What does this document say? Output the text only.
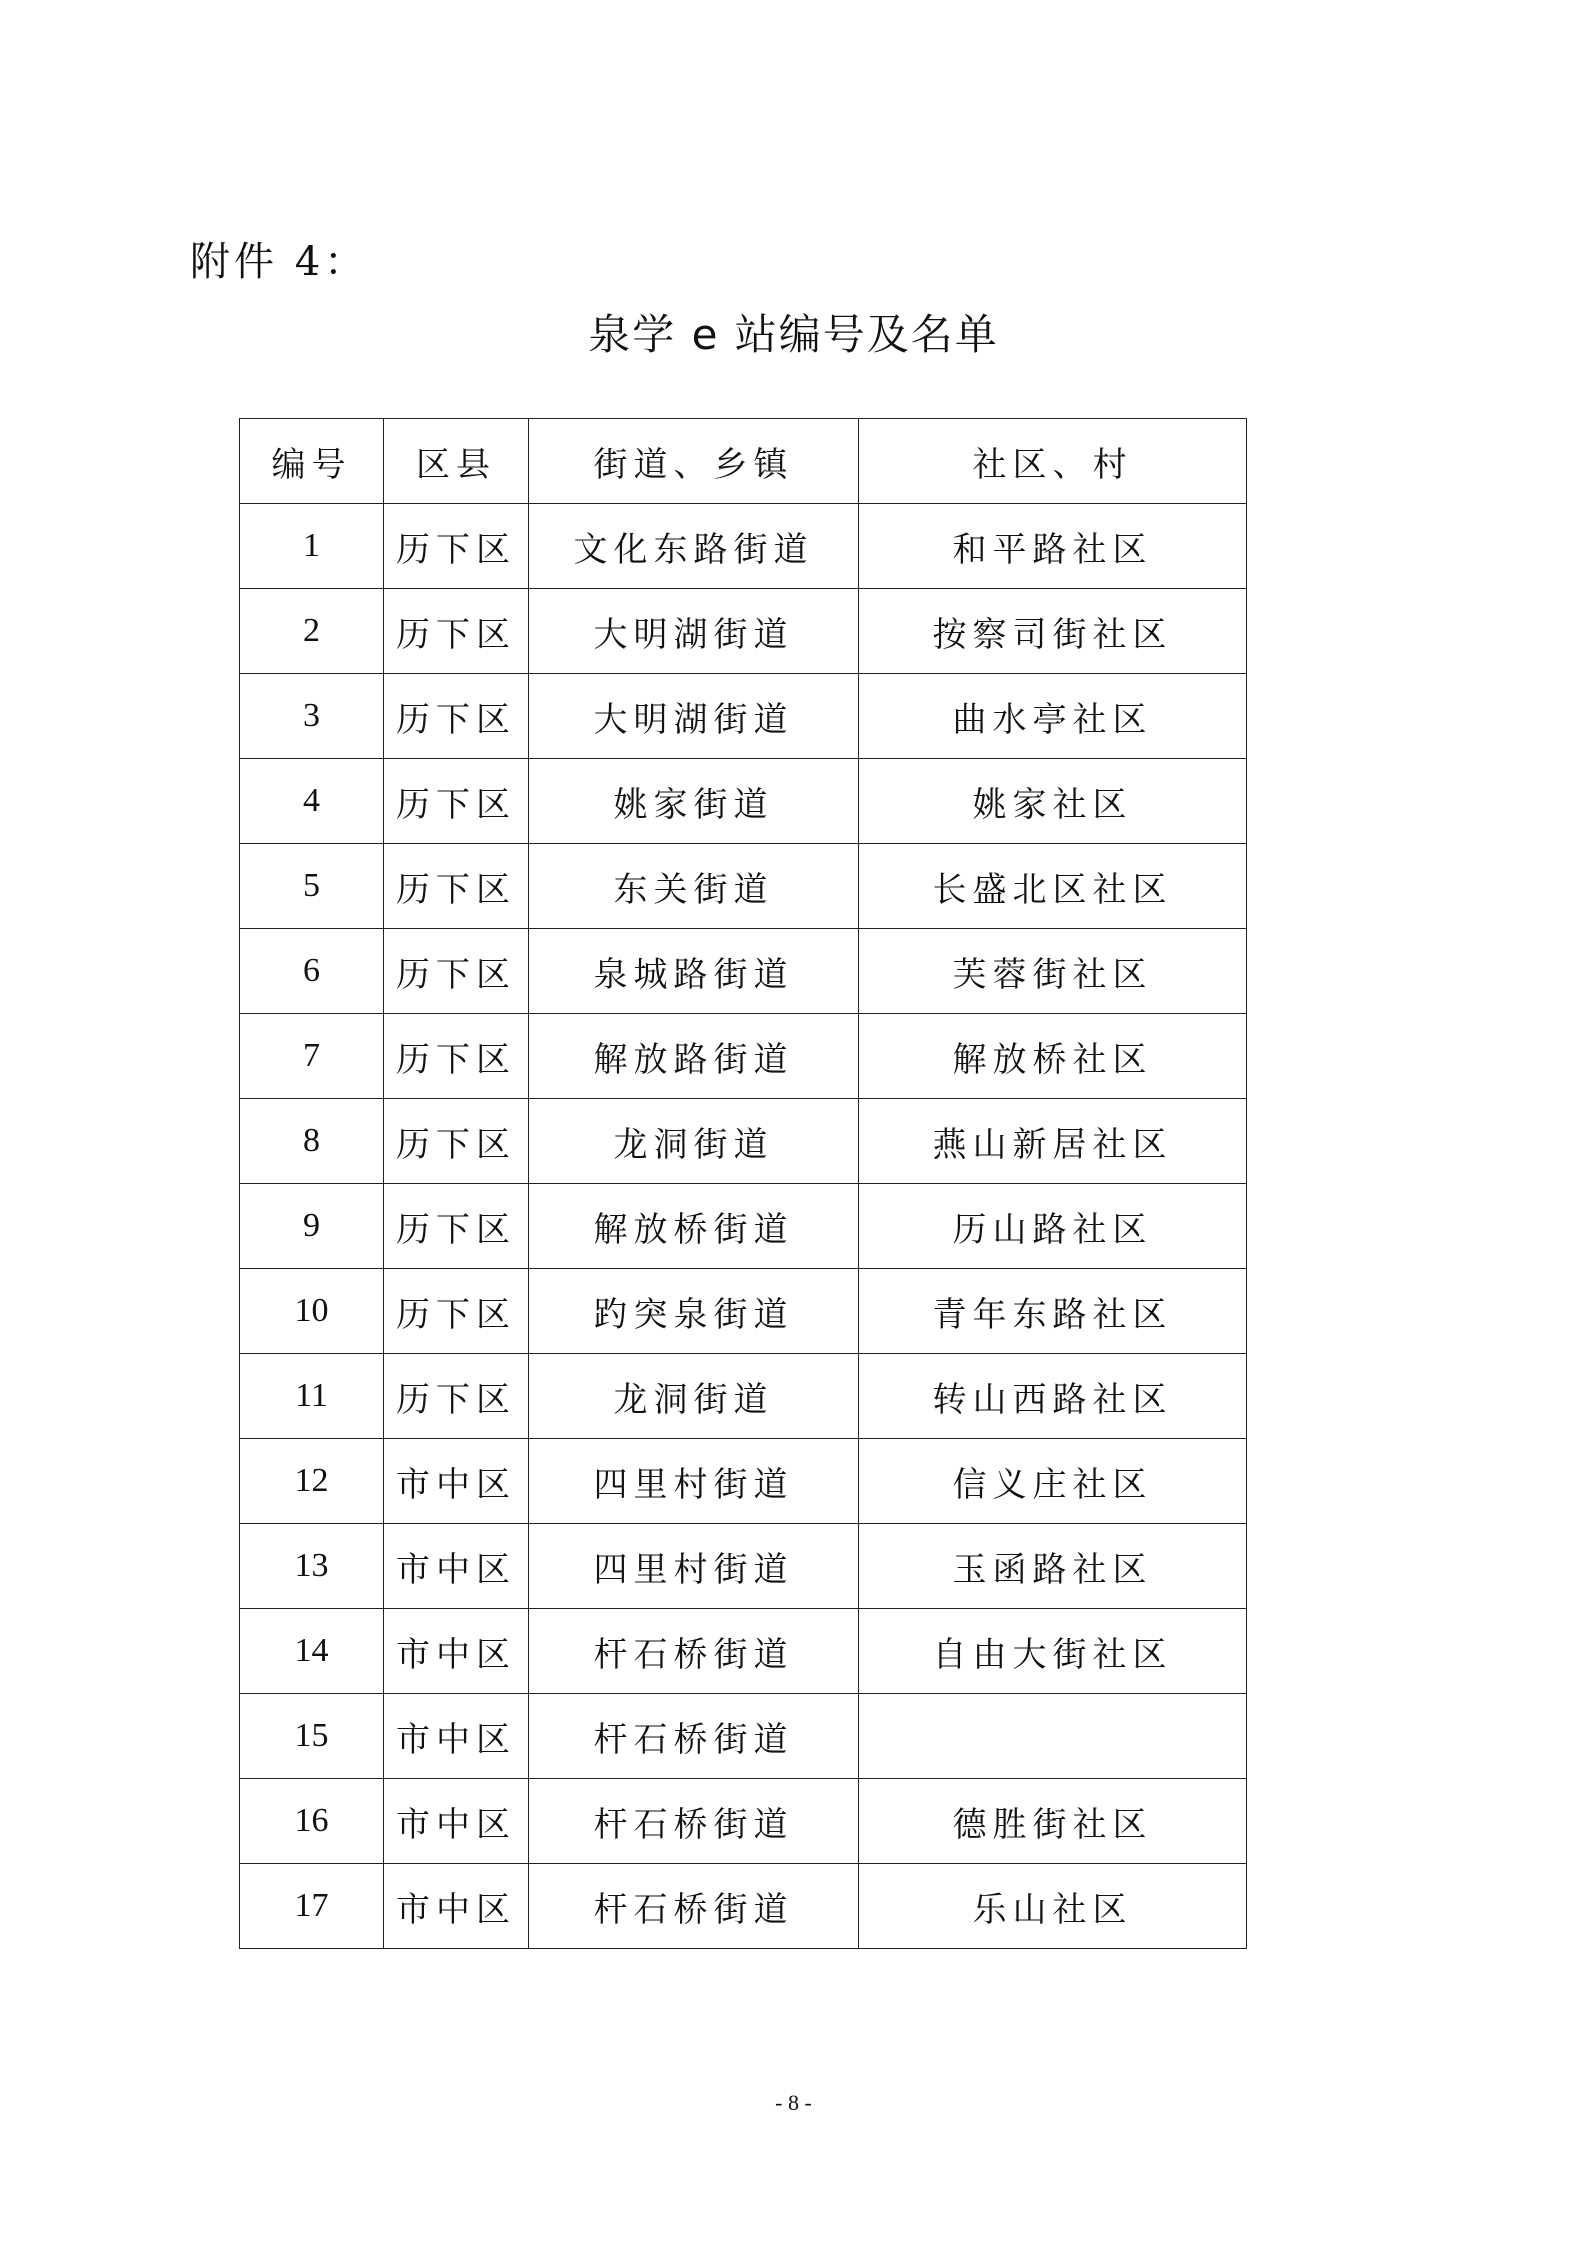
附件 4：
泉学 e 站编号及名单
编号	区县	街道、乡镇	社区、村
1	历下区	文化东路街道	和平路社区
2	历下区	大明湖街道	按察司街社区
3	历下区	大明湖街道	曲水亭社区
4	历下区	姚家街道	姚家社区
5	历下区	东关街道	长盛北区社区
6	历下区	泉城路街道	芙蓉街社区
7	历下区	解放路街道	解放桥社区
8	历下区	龙洞街道	燕山新居社区
9	历下区	解放桥街道	历山路社区
10	历下区	趵突泉街道	青年东路社区
11	历下区	龙洞街道	转山西路社区
12	市中区	四里村街道	信义庄社区
13	市中区	四里村街道	玉函路社区
14	市中区	杆石桥街道	自由大街社区
15	市中区	杆石桥街道	
16	市中区	杆石桥街道	德胜街社区
17	市中区	杆石桥街道	乐山社区
- 8 -
